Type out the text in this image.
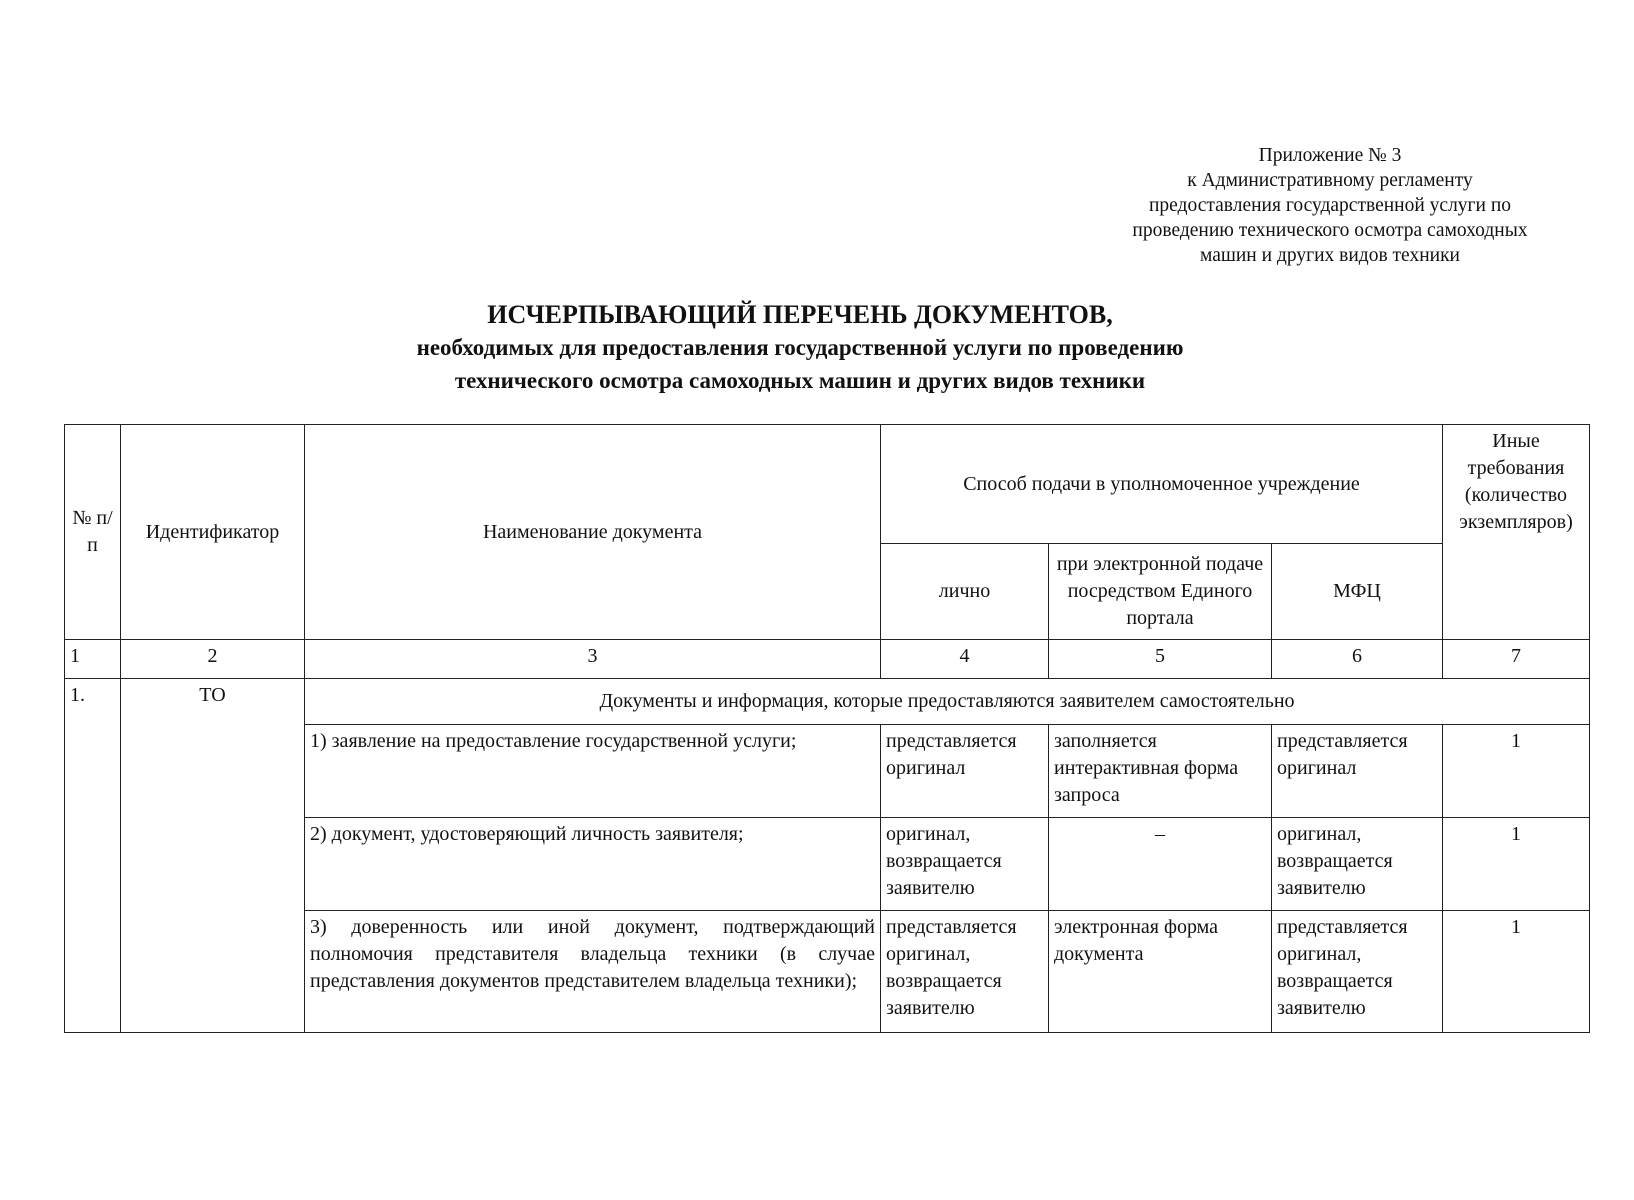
Приложение № 3
к Административному регламенту
предоставления государственной услуги по
проведению технического осмотра самоходных
машин и других видов техники
ИСЧЕРПЫВАЮЩИЙ ПЕРЕЧЕНЬ ДОКУМЕНТОВ,
необходимых для предоставления государственной услуги по проведению
технического осмотра самоходных машин и других видов техники
№ п/п	Идентификатор	Наименование документа	Способ подачи в уполномоченное учреждение			Иные требования (количество экземпляров)
			лично	при электронной подаче посредством Единого портала	МФЦ	
1	2	3	4	5	6	7
1.	ТО	Документы и информация, которые предоставляются заявителем самостоятельно				
		1) заявление на предоставление государственной услуги;	представляется оригинал	заполняется интерактивная форма запроса	представляется оригинал	1
		2) документ, удостоверяющий личность заявителя;	оригинал, возвращается заявителю	–	оригинал, возвращается заявителю	1
		3) доверенность или иной документ, подтверждающий полномочия представителя владельца техники (в случае представления документов представителем владельца техники);	представляется оригинал, возвращается заявителю	электронная форма документа	представляется оригинал, возвращается заявителю	1
